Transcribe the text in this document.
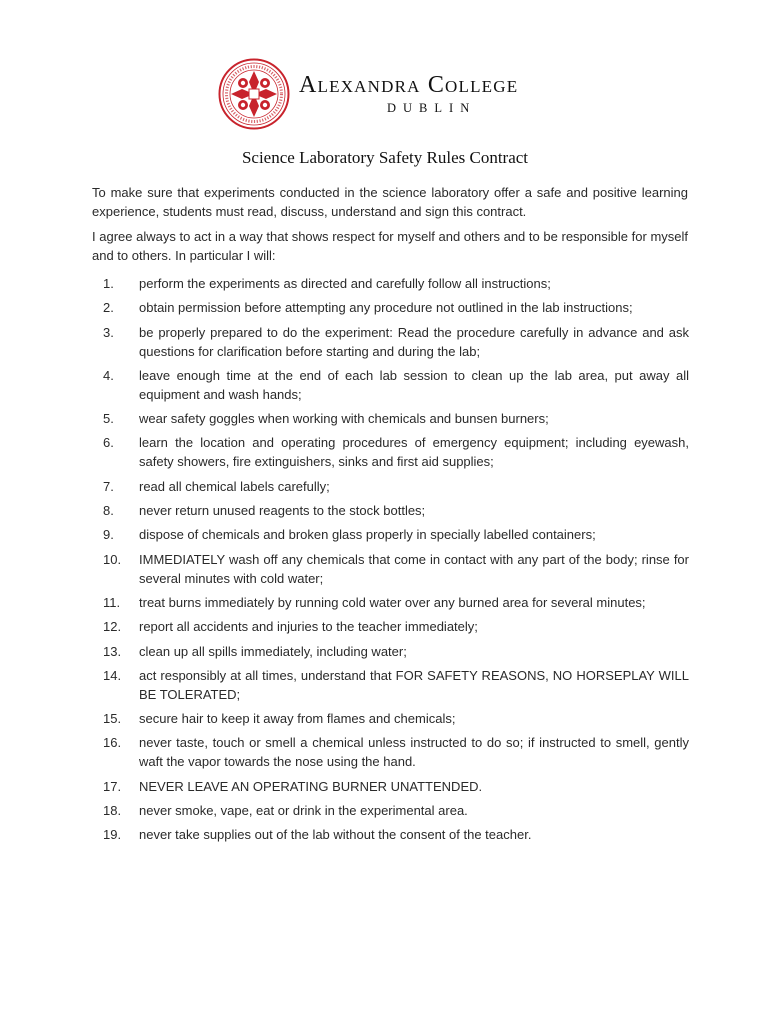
Alexandra College
DUBLIN
Science Laboratory Safety Rules Contract

To make sure that experiments conducted in the science laboratory offer a safe and positive learning experience, students must read, discuss, understand and sign this contract.

I agree always to act in a way that shows respect for myself and others and to be responsible for myself and to others. In particular I will:

1.	perform the experiments as directed and carefully follow all instructions;
2.	obtain permission before attempting any procedure not outlined in the lab instructions;
3.	be properly prepared to do the experiment: Read the procedure carefully in advance and ask questions for clarification before starting and during the lab;
4.	leave enough time at the end of each lab session to clean up the lab area, put away all equipment and wash hands;
5.	wear safety goggles when working with chemicals and bunsen burners;
6.	learn the location and operating procedures of emergency equipment; including eyewash, safety showers, fire extinguishers, sinks and first aid supplies;
7.	read all chemical labels carefully;
8.	never return unused reagents to the stock bottles;
9.	dispose of chemicals and broken glass properly in specially labelled containers;
10.	IMMEDIATELY wash off any chemicals that come in contact with any part of the body; rinse for several minutes with cold water;
11.	treat burns immediately by running cold water over any burned area for several minutes;
12.	report all accidents and injuries to the teacher immediately;
13.	clean up all spills immediately, including water;
14.	act responsibly at all times, understand that FOR SAFETY REASONS, NO HORSEPLAY WILL BE TOLERATED;
15.	secure hair to keep it away from flames and chemicals;
16.	never taste, touch or smell a chemical unless instructed to do so; if instructed to smell, gently waft the vapor towards the nose using the hand.
17.	NEVER LEAVE AN OPERATING BURNER UNATTENDED.
18.	never smoke, vape, eat or drink in the experimental area.
19.	never take supplies out of the lab without the consent of the teacher.
